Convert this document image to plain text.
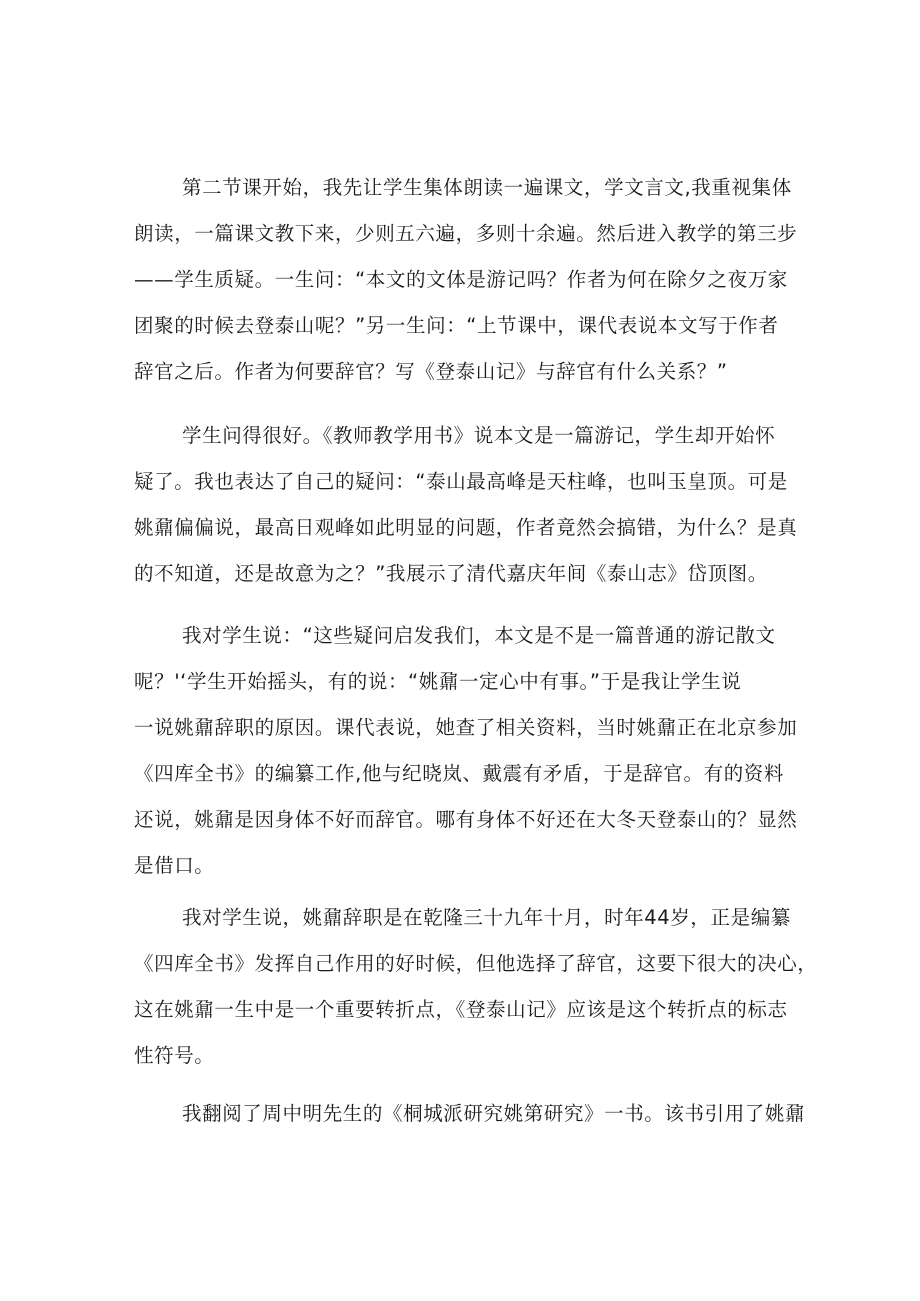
第二节课开始，我先让学生集体朗读一遍课文，学文言文,我重视集体

朗读，一篇课文教下来，少则五六遍，多则十余遍。然后进入教学的第三步

——学生质疑。一生问：“本文的文体是游记吗？作者为何在除夕之夜万家

团聚的时候去登泰山呢？”另一生问：“上节课中，课代表说本文写于作者

辞官之后。作者为何要辞官？写《登泰山记》与辞官有什么关系？”

学生问得很好。《教师教学用书》说本文是一篇游记，学生却开始怀

疑了。我也表达了自己的疑问：“泰山最高峰是天柱峰，也叫玉皇顶。可是

姚鼐偏偏说，最高日观峰如此明显的问题，作者竟然会搞错，为什么？是真

的不知道，还是故意为之？”我展示了清代嘉庆年间《泰山志》岱顶图。

我对学生说：“这些疑问启发我们，本文是不是一篇普通的游记散文

呢？'‘学生开始摇头，有的说：“姚鼐一定心中有事。”于是我让学生说

一说姚鼐辞职的原因。课代表说，她查了相关资料，当时姚鼐正在北京参加

《四库全书》的编纂工作,他与纪晓岚、戴震有矛盾，于是辞官。有的资料

还说，姚鼐是因身体不好而辞官。哪有身体不好还在大冬天登泰山的？显然

是借口。

我对学生说，姚鼐辞职是在乾隆三十九年十月，时年44岁，正是编纂

《四库全书》发挥自己作用的好时候，但他选择了辞官，这要下很大的决心，

这在姚鼐一生中是一个重要转折点，《登泰山记》应该是这个转折点的标志

性符号。

我翻阅了周中明先生的《桐城派研究姚第研究》一书。该书引用了姚鼐
